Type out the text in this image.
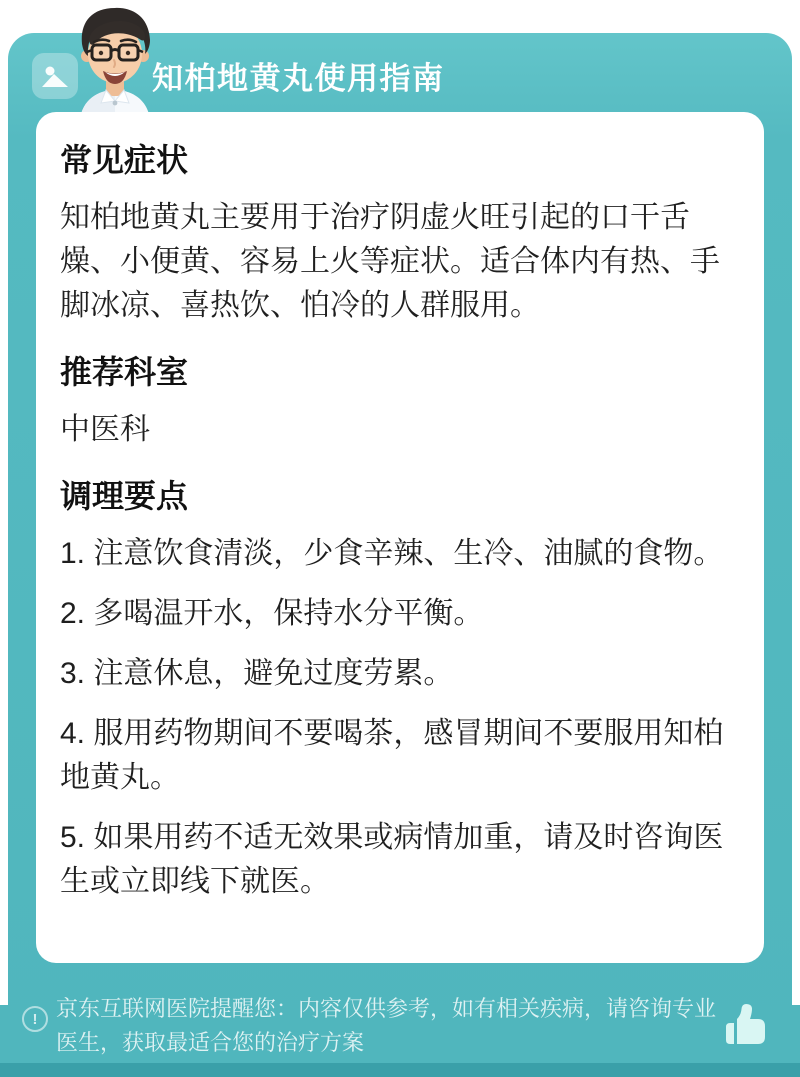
知柏地黄丸使用指南
常见症状

知柏地黄丸主要用于治疗阴虚火旺引起的口干舌燥、小便黄、容易上火等症状。适合体内有热、手脚冰凉、喜热饮、怕冷的人群服用。

推荐科室

中医科

调理要点

1. 注意饮食清淡，少食辛辣、生冷、油腻的食物。

2. 多喝温开水，保持水分平衡。

3. 注意休息，避免过度劳累。

4. 服用药物期间不要喝茶，感冒期间不要服用知柏地黄丸。

5. 如果用药不适无效果或病情加重，请及时咨询医生或立即线下就医。

! 京东互联网医院提醒您：内容仅供参考，如有相关疾病，请咨询专业医生，获取最适合您的治疗方案
